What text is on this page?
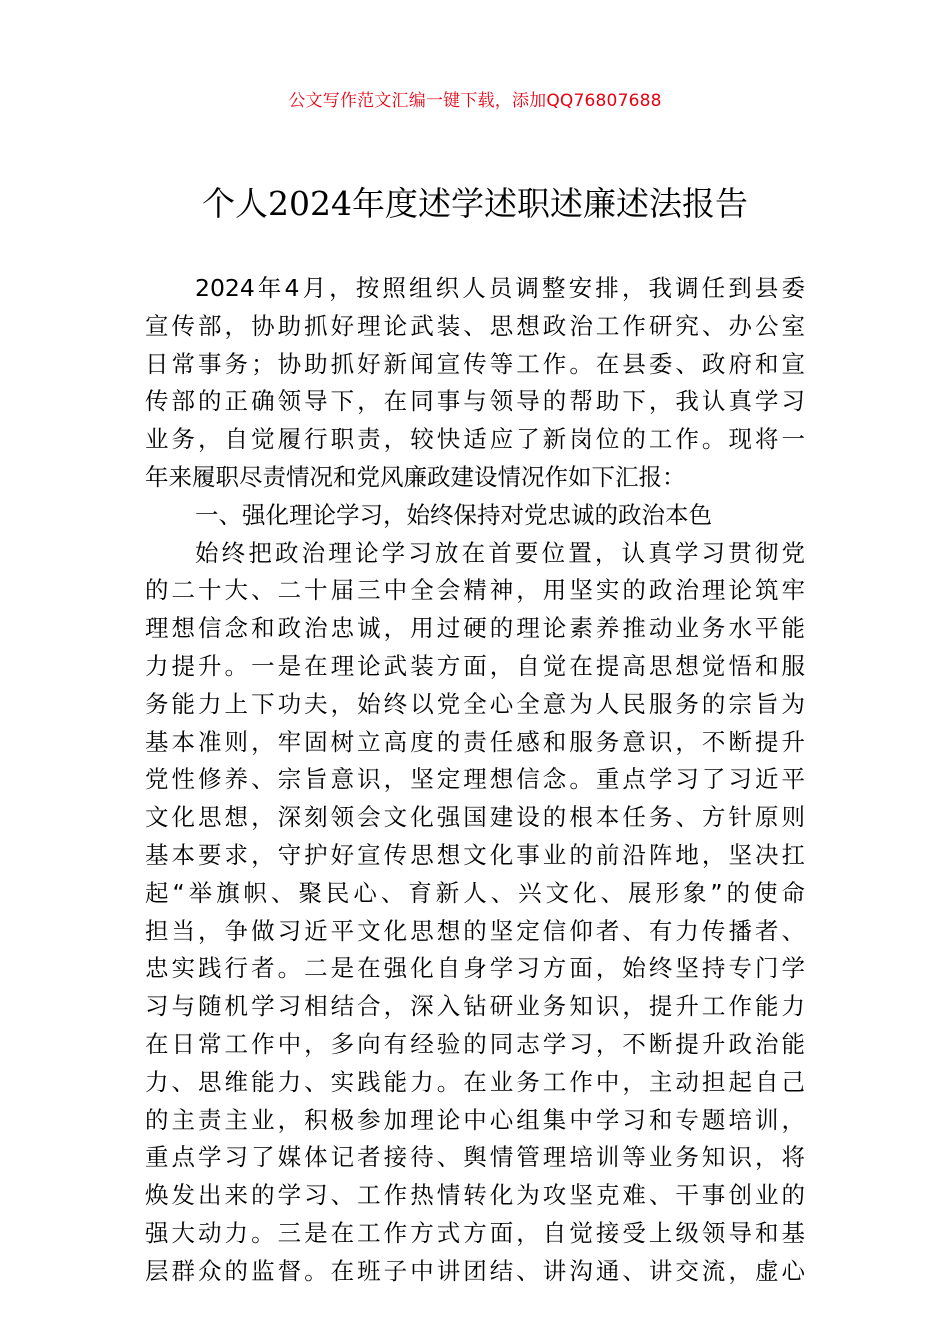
公文写作范文汇编一键下载，添加QQ76807688
个人2024年度述学述职述廉述法报告
2024年4月，按照组织人员调整安排，我调任到县委
宣传部，协助抓好理论武装、思想政治工作研究、办公室
日常事务；协助抓好新闻宣传等工作。在县委、政府和宣
传部的正确领导下，在同事与领导的帮助下，我认真学习
业务，自觉履行职责，较快适应了新岗位的工作。现将一
年来履职尽责情况和党风廉政建设情况作如下汇报：
一、强化理论学习，始终保持对党忠诚的政治本色
始终把政治理论学习放在首要位置，认真学习贯彻党
的二十大、二十届三中全会精神，用坚实的政治理论筑牢
理想信念和政治忠诚，用过硬的理论素养推动业务水平能
力提升。一是在理论武装方面，自觉在提高思想觉悟和服
务能力上下功夫，始终以党全心全意为人民服务的宗旨为
基本准则，牢固树立高度的责任感和服务意识，不断提升
党性修养、宗旨意识，坚定理想信念。重点学习了习近平
文化思想，深刻领会文化强国建设的根本任务、方针原则
基本要求，守护好宣传思想文化事业的前沿阵地，坚决扛
起“举旗帜、聚民心、育新人、兴文化、展形象”的使命
担当，争做习近平文化思想的坚定信仰者、有力传播者、
忠实践行者。二是在强化自身学习方面，始终坚持专门学
习与随机学习相结合，深入钻研业务知识，提升工作能力
在日常工作中，多向有经验的同志学习，不断提升政治能
力、思维能力、实践能力。在业务工作中，主动担起自己
的主责主业，积极参加理论中心组集中学习和专题培训，
重点学习了媒体记者接待、舆情管理培训等业务知识，将
焕发出来的学习、工作热情转化为攻坚克难、干事创业的
强大动力。三是在工作方式方面，自觉接受上级领导和基
层群众的监督。在班子中讲团结、讲沟通、讲交流，虚心
